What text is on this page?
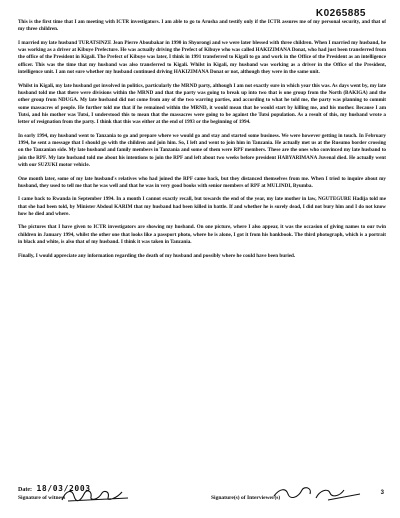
K0265885

This is the first time that I am meeting with ICTR investigators. I am able to go to Arusha and testify only if the ICTR assures me of my personal security, and that of my three children.

I married my late husband TURATSINZE Jean Pierre Aboubakar in 1990 in Shyorongi and we were later blessed with three children. When I married my husband, he was working as a driver at Kibuye Prefecture. He was actually driving the Prefect of Kibuye who was called HAKIZIMANA Donat, who had just been transferred from the office of the President in Kigali. The Prefect of Kibuye was later, I think in 1991 transferred to Kigali to go and work in the Office of the President as an intelligence officer. This was the time that my husband was also transferred to Kigali. Whilst in Kigali, my husband was working as a driver in the Office of the President, intelligence unit. I am not sure whether my husband continued driving HAKIZIMANA Donat or not, although they were in the same unit.

Whilst in Kigali, my late husband got involved in politics, particularly the MRND party, although I am not exactly sure in which year this was. As days went by, my late husband told me that there were divisions within the MRND and that the party was going to break up into two that is one group from the North (BAKIGA) and the other group from NDUGA. My late husband did not come from any of the two warring parties, and according to what he told me, the party was planning to commit some massacres of people. He further told me that if he remained within the MRND, it would mean that he would start by killing me, and his mother. Because I am Tutsi, and his mother was Tutsi, I understood this to mean that the massacres were going to be against the Tutsi population. As a result of this, my husband wrote a letter of resignation from the party. I think that this was either at the end of 1993 or the beginning of 1994.

In early 1994, my husband went to Tanzania to go and prepare where we would go and stay and started some business. We were however getting in touch. In February 1994, he sent a message that I should go with the children and join him. So, I left and went to join him in Tanzania. He actually met us at the Rusumo border crossing on the Tanzanian side. My late husband and family members in Tanzania and some of them were RPF members. These are the ones who convinced my late husband to join the RPF. My late husband told me about his intentions to join the RPF and left about two weeks before president HABYARIMANA Juvenal died. He actually went with our SUZUKI motor vehicle.

One month later, some of my late husband's relatives who had joined the RPF came back, but they distanced themselves from me. When I tried to inquire about my husband, they used to tell me that he was well and that he was in very good books with senior members of RPF at MULINDI, Byumba.

I came back to Rwanda in September 1994. In a month I cannot exactly recall, but towards the end of the year, my late mother in law, NGUTEGURE Hadija told me that she had been told, by Minister Abdoul KARIM that my husband had been killed in battle. If and whether he is surely dead, I did not bury him and I do not know how he died and where.

The pictures that I have given to ICTR investigators are showing my husband. On one picture, where I also appear, it was the occasion of giving names to our twin children in January 1994, whilst the other one that looks like a passport photo, where he is alone, I got it from his bankbook. The third photograph, which is a portrait in black and white, is also that of my husband. I think it was taken in Tanzania.

Finally, I would appreciate any information regarding the death of my husband and possibly where he could have been buried.

Date: 18/03/2003
Signature of witness	Signature(s) of Interviewer(s)
3
